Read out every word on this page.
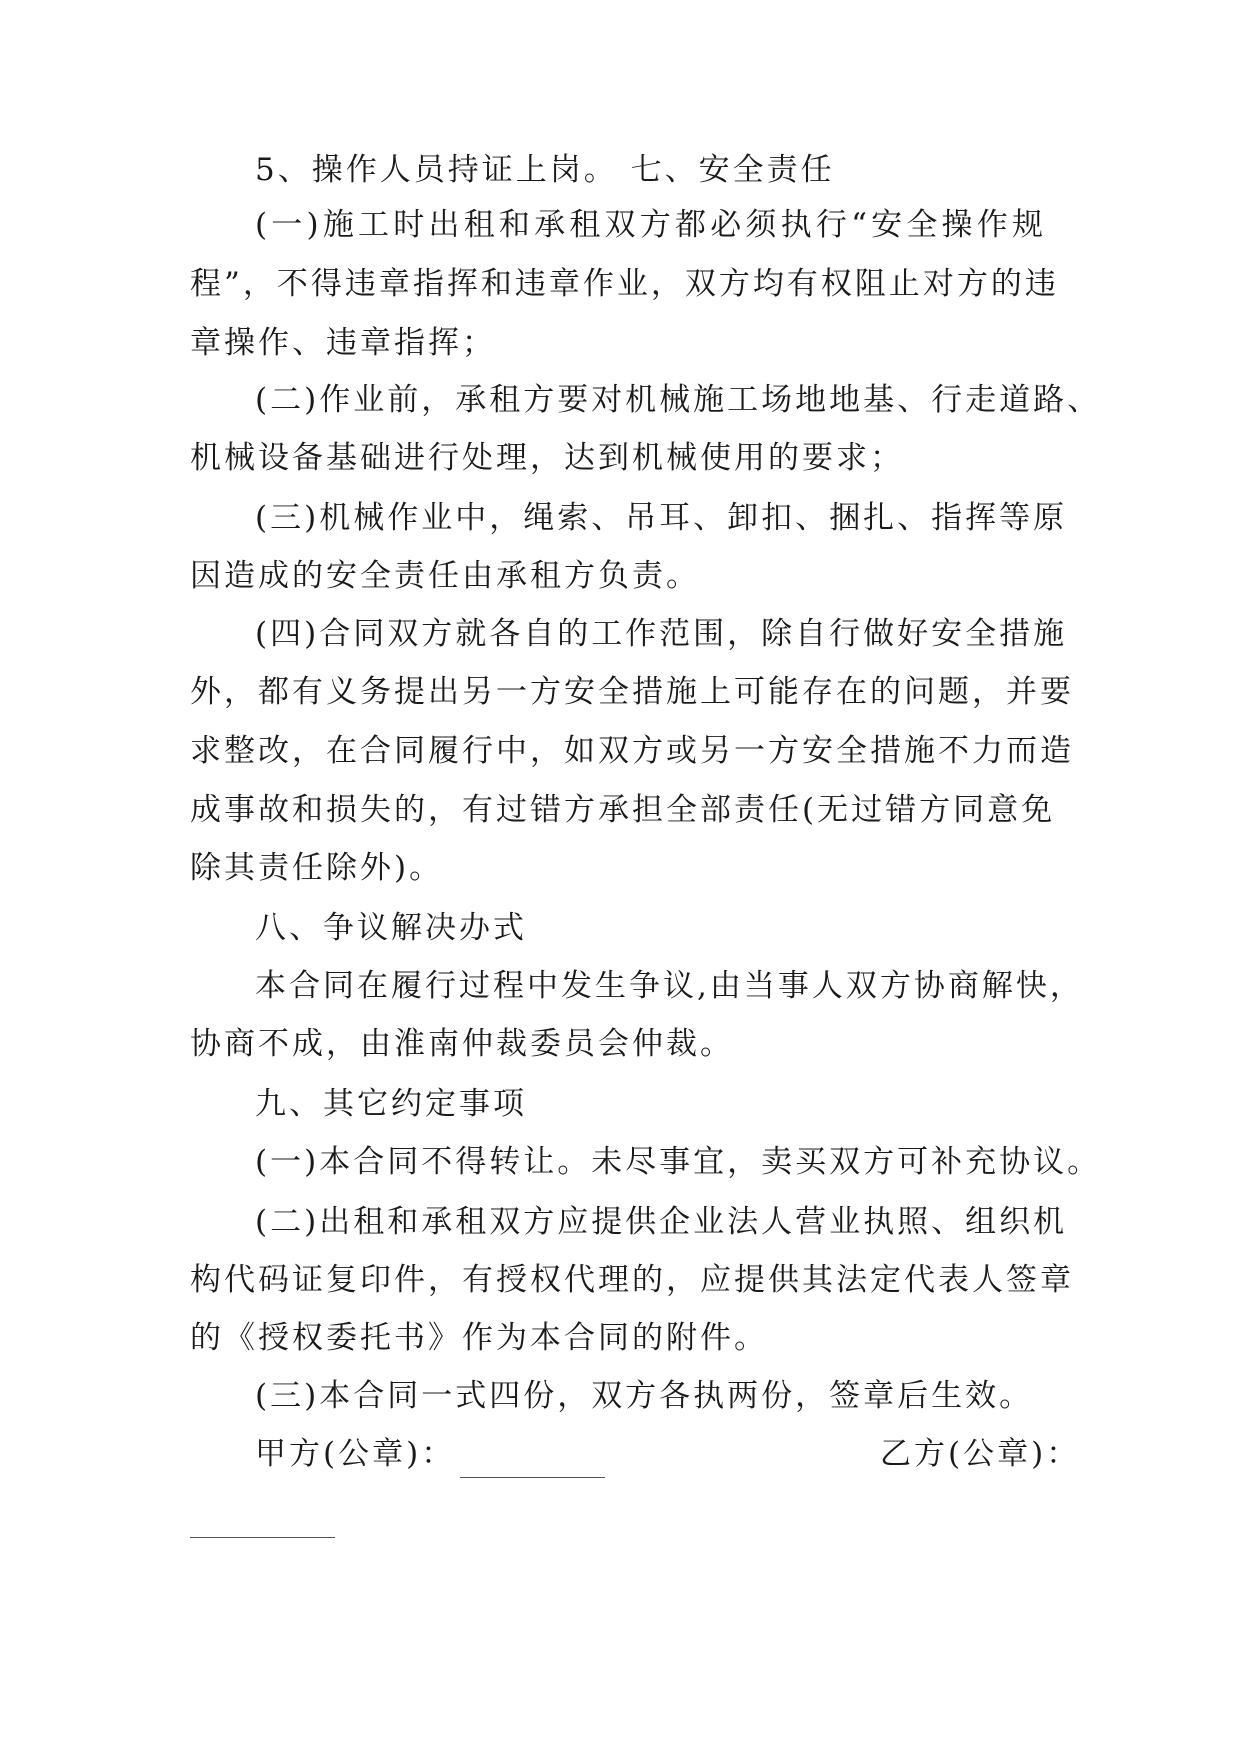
5、操作人员持证上岗。 七、安全责任
(一)施工时出租和承租双方都必须执行“安全操作规
程”，不得违章指挥和违章作业，双方均有权阻止对方的违
章操作、违章指挥；
(二)作业前，承租方要对机械施工场地地基、行走道路、
机械设备基础进行处理，达到机械使用的要求；
(三)机械作业中，绳索、吊耳、卸扣、捆扎、指挥等原
因造成的安全责任由承租方负责。
(四)合同双方就各自的工作范围，除自行做好安全措施
外，都有义务提出另一方安全措施上可能存在的问题，并要
求整改，在合同履行中，如双方或另一方安全措施不力而造
成事故和损失的，有过错方承担全部责任(无过错方同意免
除其责任除外)。
八、争议解决办式
本合同在履行过程中发生争议,由当事人双方协商解快，
协商不成，由淮南仲裁委员会仲裁。
九、其它约定事项
(一)本合同不得转让。未尽事宜，卖买双方可补充协议。
(二)出租和承租双方应提供企业法人营业执照、组织机
构代码证复印件，有授权代理的，应提供其法定代表人签章
的《授权委托书》作为本合同的附件。
(三)本合同一式四份，双方各执两份，签章后生效。
甲方(公章)：	乙方(公章)：
